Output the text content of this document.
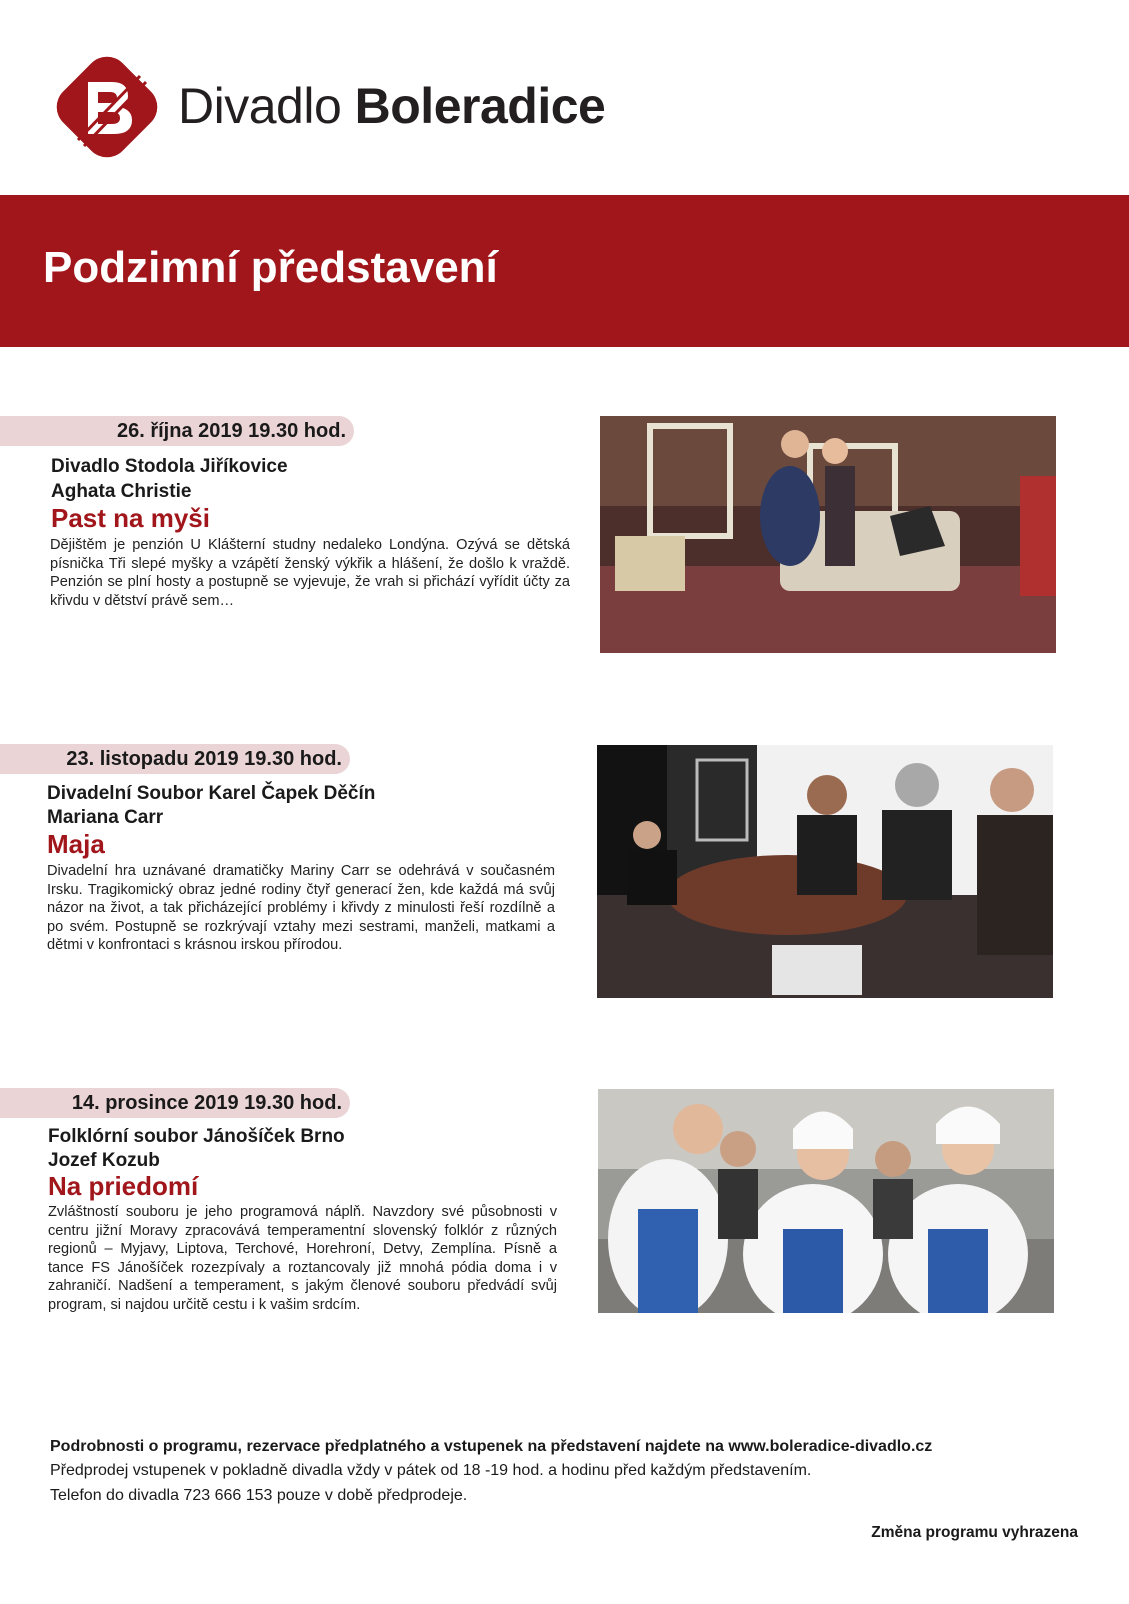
Divadlo Boleradice
Podzimní představení
26. října 2019 19.30 hod.
Divadlo Stodola Jiříkovice
Aghata Christie
Past na myši

Dějištěm je penzión U Klášterní studny nedaleko Londýna. Ozývá se dětská písnička Tři slepé myšky a vzápětí ženský výkřik a hlášení, že došlo k vraždě. Penzión se plní hosty a postupně se vyjevuje, že vrah si přichází vyřídit účty za křivdu v dětství právě sem…

23. listopadu 2019 19.30 hod.
Divadelní Soubor Karel Čapek Děčín
Mariana Carr
Maja

Divadelní hra uznávané dramatičky Mariny Carr se odehrává v současném Irsku. Tragikomický obraz jedné rodiny čtyř generací žen, kde každá má svůj názor na život, a tak přicházející problémy i křivdy z minulosti řeší rozdílně a po svém. Postupně se rozkrývají vztahy mezi sestrami, manželi, matkami a dětmi v konfrontaci s krásnou irskou přírodou.

14. prosince 2019 19.30 hod.
Folklórní soubor Jánošíček Brno
Jozef Kozub
Na priedomí

Zvláštností souboru je jeho programová náplň. Navzdory své působnosti v centru jižní Moravy zpracovává temperamentní slovenský folklór z různých regionů – Myjavy, Liptova, Terchové, Horehroní, Detvy, Zemplína. Písně a tance FS Jánošíček rozezpívaly a roztancovaly již mnohá pódia doma i v zahraničí. Nadšení a temperament, s jakým členové souboru předvádí svůj program, si najdou určitě cestu i k vašim srdcím.

Podrobnosti o programu, rezervace předplatného a vstupenek na představení najdete na www.boleradice-divadlo.cz
Předprodej vstupenek v pokladně divadla vždy v pátek od 18 -19 hod. a hodinu před každým představením.
Telefon do divadla 723 666 153 pouze v době předprodeje.
Změna programu vyhrazena
